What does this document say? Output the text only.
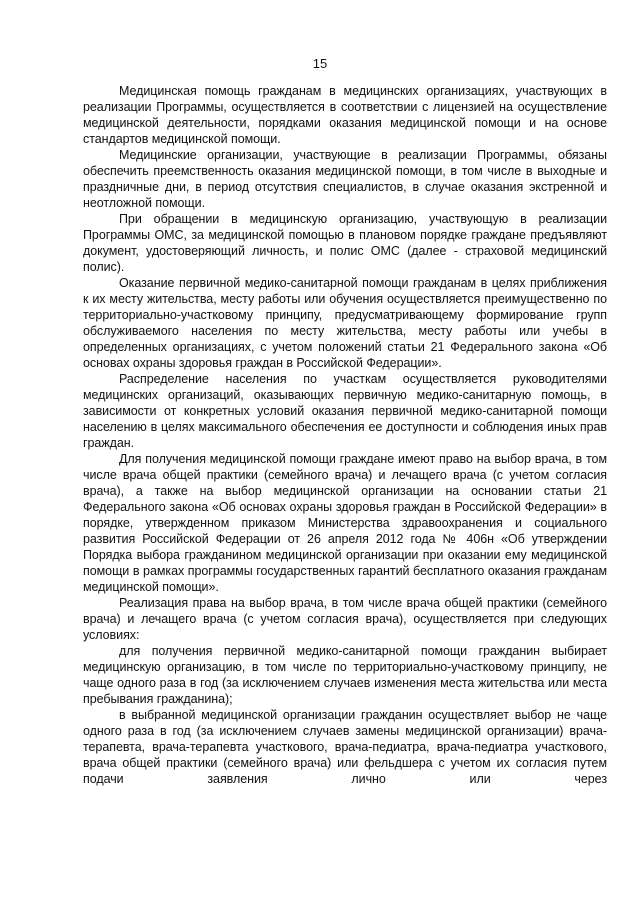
15

Медицинская помощь гражданам в медицинских организациях, участвующих в реализации Программы, осуществляется в соответствии с лицензией на осуществление медицинской деятельности, порядками оказания медицинской помощи и на основе стандартов медицинской помощи.

Медицинские организации, участвующие в реализации Программы, обязаны обеспечить преемственность оказания медицинской помощи, в том числе в выходные и праздничные дни, в период отсутствия специалистов, в случае оказания экстренной и неотложной помощи.

При обращении в медицинскую организацию, участвующую в реализации Программы ОМС, за медицинской помощью в плановом порядке граждане предъявляют документ, удостоверяющий личность, и полис ОМС (далее - страховой медицинский полис).

Оказание первичной медико-санитарной помощи гражданам в целях приближения к их месту жительства, месту работы или обучения осуществляется преимущественно по территориально-участковому принципу, предусматривающему формирование групп обслуживаемого населения по месту жительства, месту работы или учебы в определенных организациях, с учетом положений статьи 21 Федерального закона «Об основах охраны здоровья граждан в Российской Федерации».

Распределение населения по участкам осуществляется руководителями медицинских организаций, оказывающих первичную медико-санитарную помощь, в зависимости от конкретных условий оказания первичной медико-санитарной помощи населению в целях максимального обеспечения ее доступности и соблюдения иных прав граждан.

Для получения медицинской помощи граждане имеют право на выбор врача, в том числе врача общей практики (семейного врача) и лечащего врача (с учетом согласия врача), а также на выбор медицинской организации на основании статьи 21 Федерального закона «Об основах охраны здоровья граждан в Российской Федерации» в порядке, утвержденном приказом Министерства здравоохранения и социального развития Российской Федерации от 26 апреля 2012 года № 406н «Об утверждении Порядка выбора гражданином медицинской организации при оказании ему медицинской помощи в рамках программы государственных гарантий бесплатного оказания гражданам медицинской помощи».

Реализация права на выбор врача, в том числе врача общей практики (семейного врача) и лечащего врача (с учетом согласия врача), осуществляется при следующих условиях:

для получения первичной медико-санитарной помощи гражданин выбирает медицинскую организацию, в том числе по территориально-участковому принципу, не чаще одного раза в год (за исключением случаев изменения места жительства или места пребывания гражданина);

в выбранной медицинской организации гражданин осуществляет выбор не чаще одного раза в год (за исключением случаев замены медицинской организации) врача-терапевта, врача-терапевта участкового, врача-педиатра, врача-педиатра участкового, врача общей практики (семейного врача) или фельдшера с учетом их согласия путем подачи заявления лично или через
